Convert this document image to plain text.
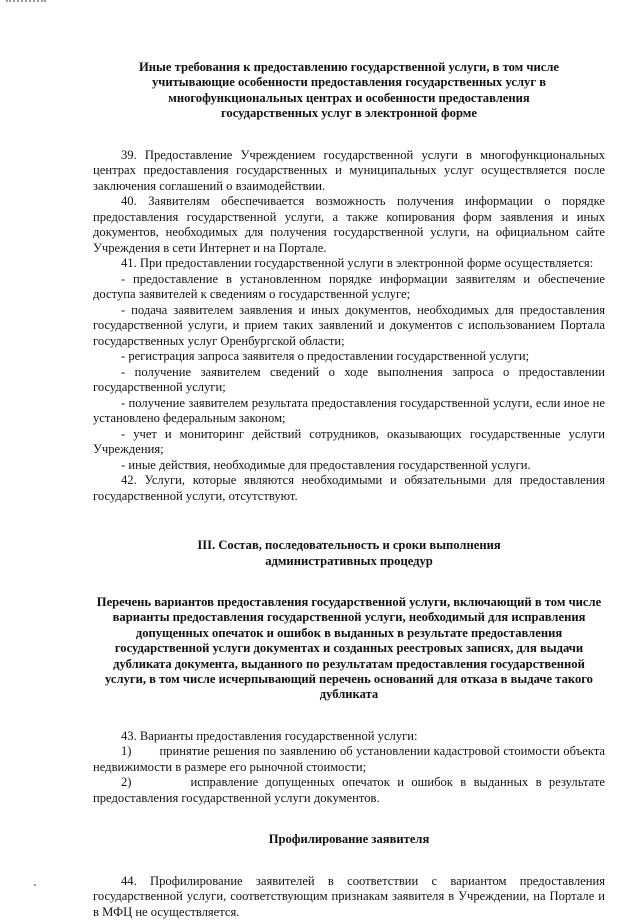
Иные требования к предоставлению государственной услуги, в том числе учитывающие особенности предоставления государственных услуг в многофункциональных центрах и особенности предоставления государственных услуг в электронной форме

39. Предоставление Учреждением государственной услуги в многофункциональных центрах предоставления государственных и муниципальных услуг осуществляется после заключения соглашений о взаимодействии.

40. Заявителям обеспечивается возможность получения информации о порядке предоставления государственной услуги, а также копирования форм заявления и иных документов, необходимых для получения государственной услуги, на официальном сайте Учреждения в сети Интернет и на Портале.

41. При предоставлении государственной услуги в электронной форме осуществляется:

- предоставление в установленном порядке информации заявителям и обеспечение доступа заявителей к сведениям о государственной услуге;

- подача заявителем заявления и иных документов, необходимых для предоставления государственной услуги, и прием таких заявлений и документов с использованием Портала государственных услуг Оренбургской области;

- регистрация запроса заявителя о предоставлении государственной услуги;

- получение заявителем сведений о ходе выполнения запроса о предоставлении государственной услуги;

- получение заявителем результата предоставления государственной услуги, если иное не установлено федеральным законом;

- учет и мониторинг действий сотрудников, оказывающих государственные услуги Учреждения;

- иные действия, необходимые для предоставления государственной услуги.

42. Услуги, которые являются необходимыми и обязательными для предоставления государственной услуги, отсутствуют.

III. Состав, последовательность и сроки выполнения административных процедур

Перечень вариантов предоставления государственной услуги, включающий в том числе варианты предоставления государственной услуги, необходимый для исправления допущенных опечаток и ошибок в выданных в результате предоставления государственной услуги документах и созданных реестровых записях, для выдачи дубликата документа, выданного по результатам предоставления государственной услуги, в том числе исчерпывающий перечень оснований для отказа в выдаче такого дубликата

43. Варианты предоставления государственной услуги:

1)        принятие решения по заявлению об установлении кадастровой стоимости объекта недвижимости в размере его рыночной стоимости;

2)        исправление допущенных опечаток и ошибок в выданных в результате предоставления государственной услуги документов.

Профилирование заявителя

44. Профилирование заявителей в соответствии с вариантом предоставления государственной услуги, соответствующим признакам заявителя в Учреждении, на Портале и в МФЦ не осуществляется.
